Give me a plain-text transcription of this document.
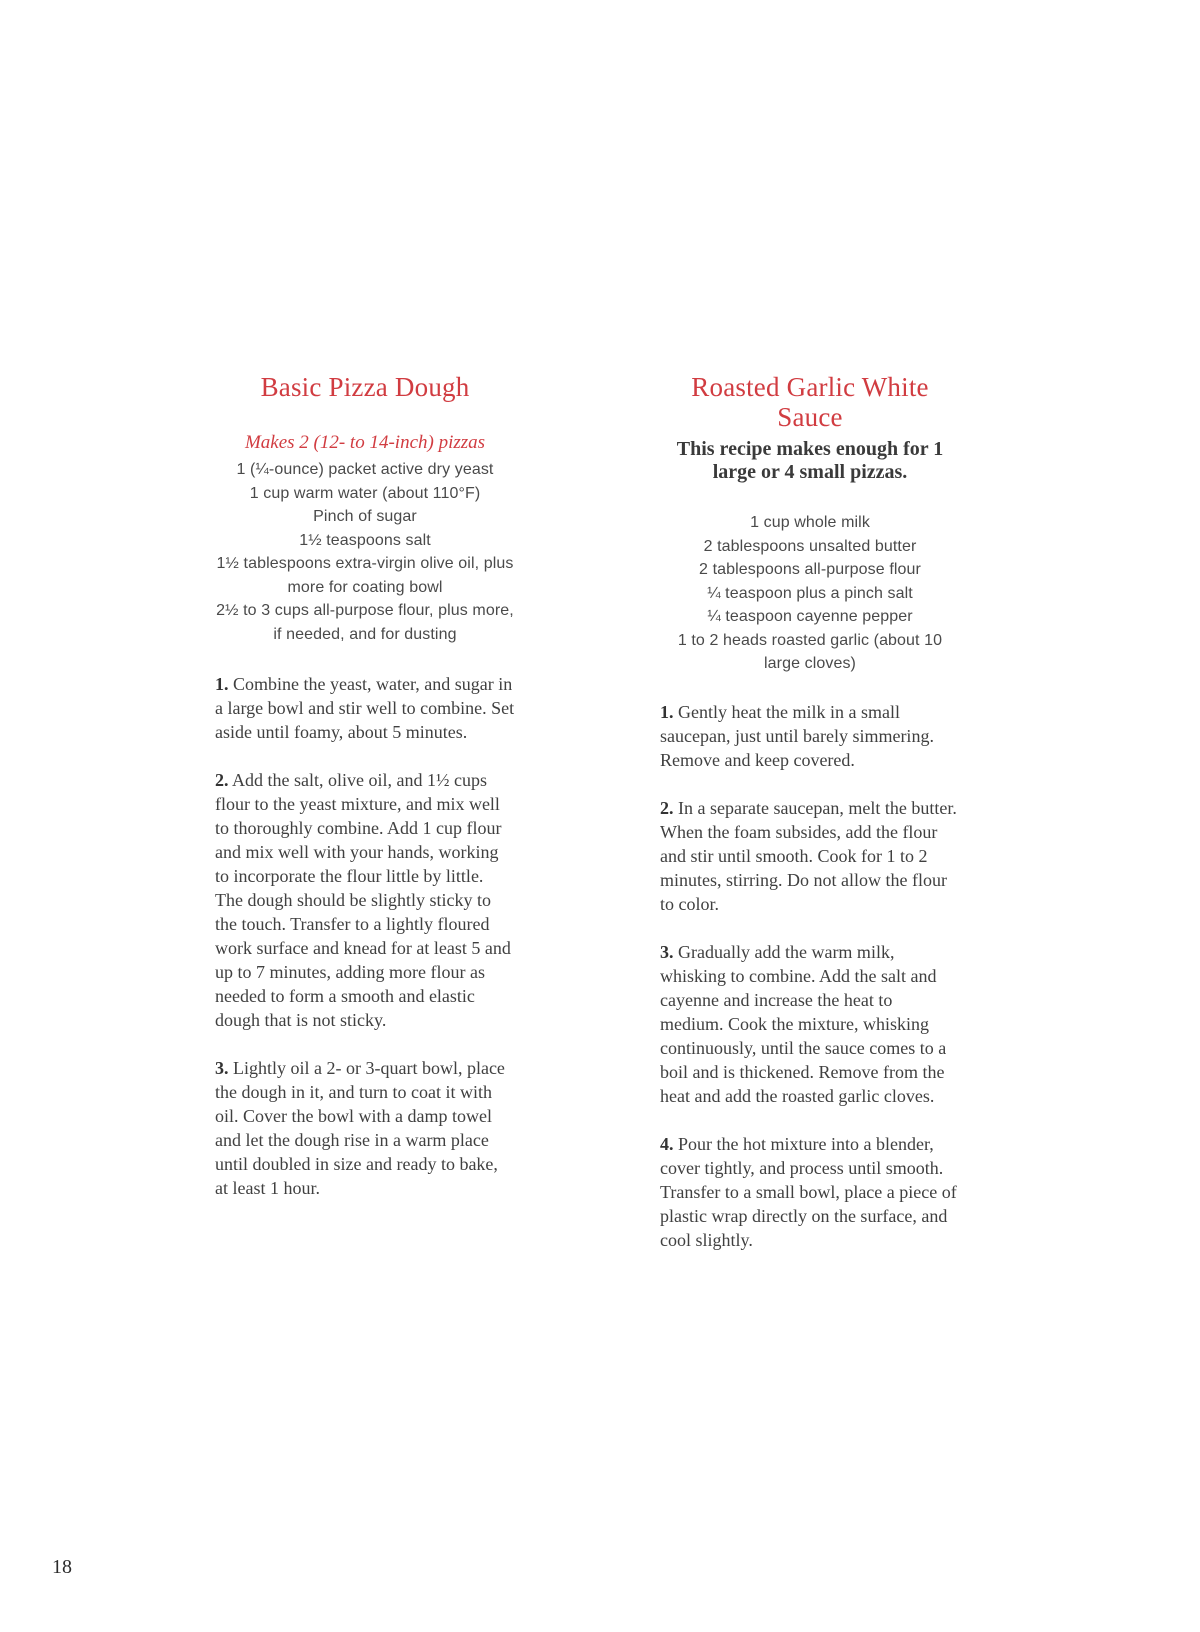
Basic Pizza Dough
Makes 2 (12- to 14-inch) pizzas
1 (¼-ounce) packet active dry yeast
1 cup warm water (about 110°F)
Pinch of sugar
1½ teaspoons salt
1½ tablespoons extra-virgin olive oil, plus more for coating bowl
2½ to 3 cups all-purpose flour, plus more, if needed, and for dusting

1. Combine the yeast, water, and sugar in a large bowl and stir well to combine. Set aside until foamy, about 5 minutes.

2. Add the salt, olive oil, and 1½ cups flour to the yeast mixture, and mix well to thoroughly combine. Add 1 cup flour and mix well with your hands, working to incorporate the flour little by little. The dough should be slightly sticky to the touch. Transfer to a lightly floured work surface and knead for at least 5 and up to 7 minutes, adding more flour as needed to form a smooth and elastic dough that is not sticky.

3. Lightly oil a 2- or 3-quart bowl, place the dough in it, and turn to coat it with oil. Cover the bowl with a damp towel and let the dough rise in a warm place until doubled in size and ready to bake, at least 1 hour.

Roasted Garlic White Sauce
This recipe makes enough for 1 large or 4 small pizzas.
1 cup whole milk
2 tablespoons unsalted butter
2 tablespoons all-purpose flour
¼ teaspoon plus a pinch salt
¼ teaspoon cayenne pepper
1 to 2 heads roasted garlic (about 10 large cloves)

1. Gently heat the milk in a small saucepan, just until barely simmering. Remove and keep covered.

2. In a separate saucepan, melt the butter. When the foam subsides, add the flour and stir until smooth. Cook for 1 to 2 minutes, stirring. Do not allow the flour to color.

3. Gradually add the warm milk, whisking to combine. Add the salt and cayenne and increase the heat to medium. Cook the mixture, whisking continuously, until the sauce comes to a boil and is thickened. Remove from the heat and add the roasted garlic cloves.

4. Pour the hot mixture into a blender, cover tightly, and process until smooth. Transfer to a small bowl, place a piece of plastic wrap directly on the surface, and cool slightly.

18
